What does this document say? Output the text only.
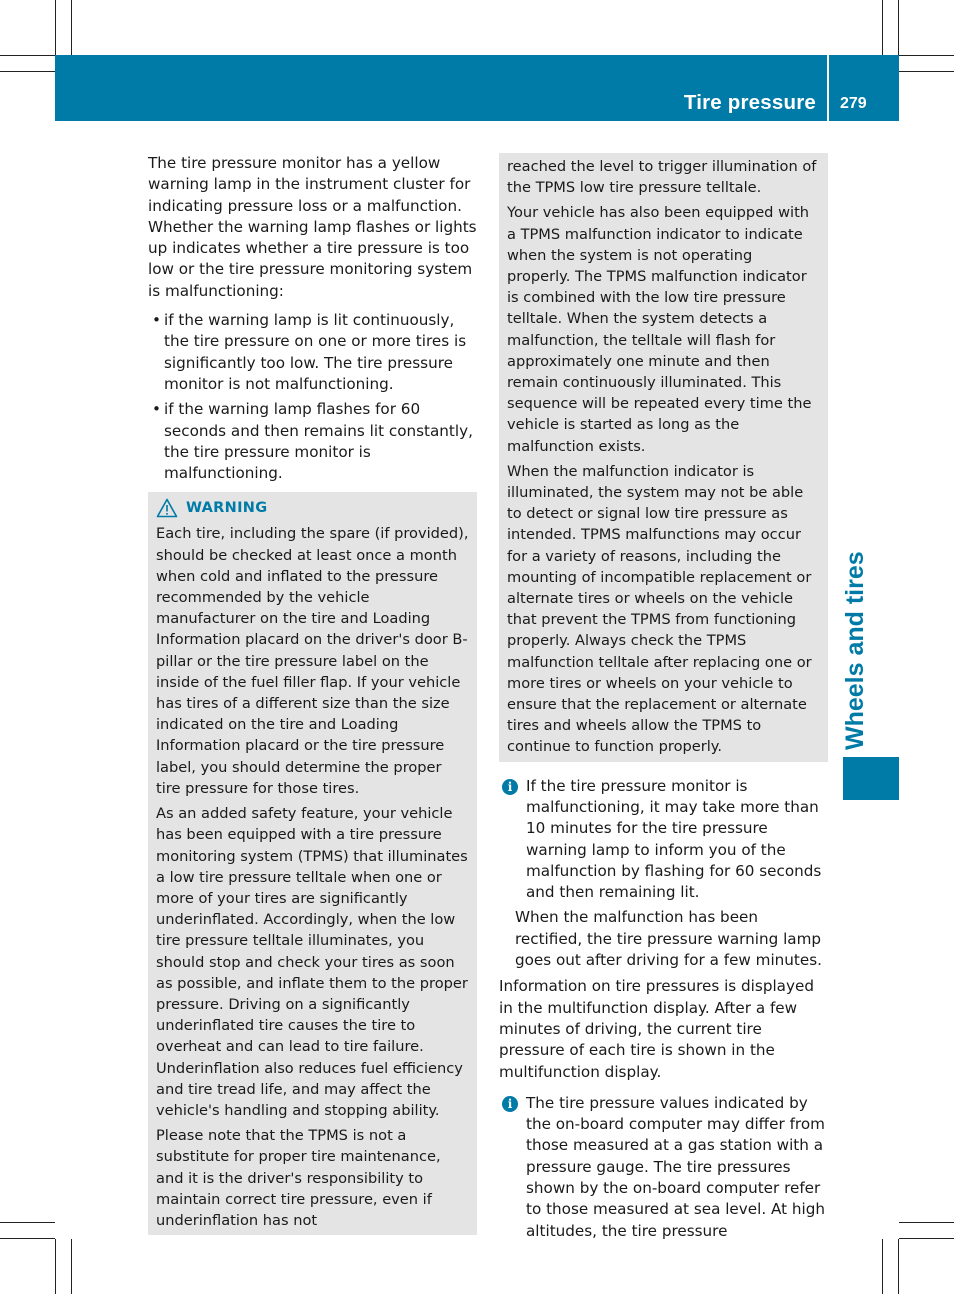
Tire pressure 279
Wheels and tires

The tire pressure monitor has a yellow warning lamp in the instrument cluster for indicating pressure loss or a malfunction. Whether the warning lamp flashes or lights up indicates whether a tire pressure is too low or the tire pressure monitoring system is malfunctioning:

• if the warning lamp is lit continuously, the tire pressure on one or more tires is significantly too low. The tire pressure monitor is not malfunctioning.
• if the warning lamp flashes for 60 seconds and then remains lit constantly, the tire pressure monitor is malfunctioning.
WARNING

Each tire, including the spare (if provided), should be checked at least once a month when cold and inflated to the pressure recommended by the vehicle manufacturer on the tire and Loading Information placard on the driver's door B-pillar or the tire pressure label on the inside of the fuel filler flap. If your vehicle has tires of a different size than the size indicated on the tire and Loading Information placard or the tire pressure label, you should determine the proper tire pressure for those tires.

As an added safety feature, your vehicle has been equipped with a tire pressure monitoring system (TPMS) that illuminates a low tire pressure telltale when one or more of your tires are significantly underinflated. Accordingly, when the low tire pressure telltale illuminates, you should stop and check your tires as soon as possible, and inflate them to the proper pressure. Driving on a significantly underinflated tire causes the tire to overheat and can lead to tire failure. Underinflation also reduces fuel efficiency and tire tread life, and may affect the vehicle's handling and stopping ability.

Please note that the TPMS is not a substitute for proper tire maintenance, and it is the driver's responsibility to maintain correct tire pressure, even if underinflation has not

reached the level to trigger illumination of the TPMS low tire pressure telltale.

Your vehicle has also been equipped with a TPMS malfunction indicator to indicate when the system is not operating properly. The TPMS malfunction indicator is combined with the low tire pressure telltale. When the system detects a malfunction, the telltale will flash for approximately one minute and then remain continuously illuminated. This sequence will be repeated every time the vehicle is started as long as the malfunction exists.

When the malfunction indicator is illuminated, the system may not be able to detect or signal low tire pressure as intended. TPMS malfunctions may occur for a variety of reasons, including the mounting of incompatible replacement or alternate tires or wheels on the vehicle that prevent the TPMS from functioning properly. Always check the TPMS malfunction telltale after replacing one or more tires or wheels on your vehicle to ensure that the replacement or alternate tires and wheels allow the TPMS to continue to function properly.

i If the tire pressure monitor is malfunctioning, it may take more than 10 minutes for the tire pressure warning lamp to inform you of the malfunction by flashing for 60 seconds and then remaining lit.

When the malfunction has been rectified, the tire pressure warning lamp goes out after driving for a few minutes.

Information on tire pressures is displayed in the multifunction display. After a few minutes of driving, the current tire pressure of each tire is shown in the multifunction display.

i The tire pressure values indicated by the on-board computer may differ from those measured at a gas station with a pressure gauge. The tire pressures shown by the on-board computer refer to those measured at sea level. At high altitudes, the tire pressure
